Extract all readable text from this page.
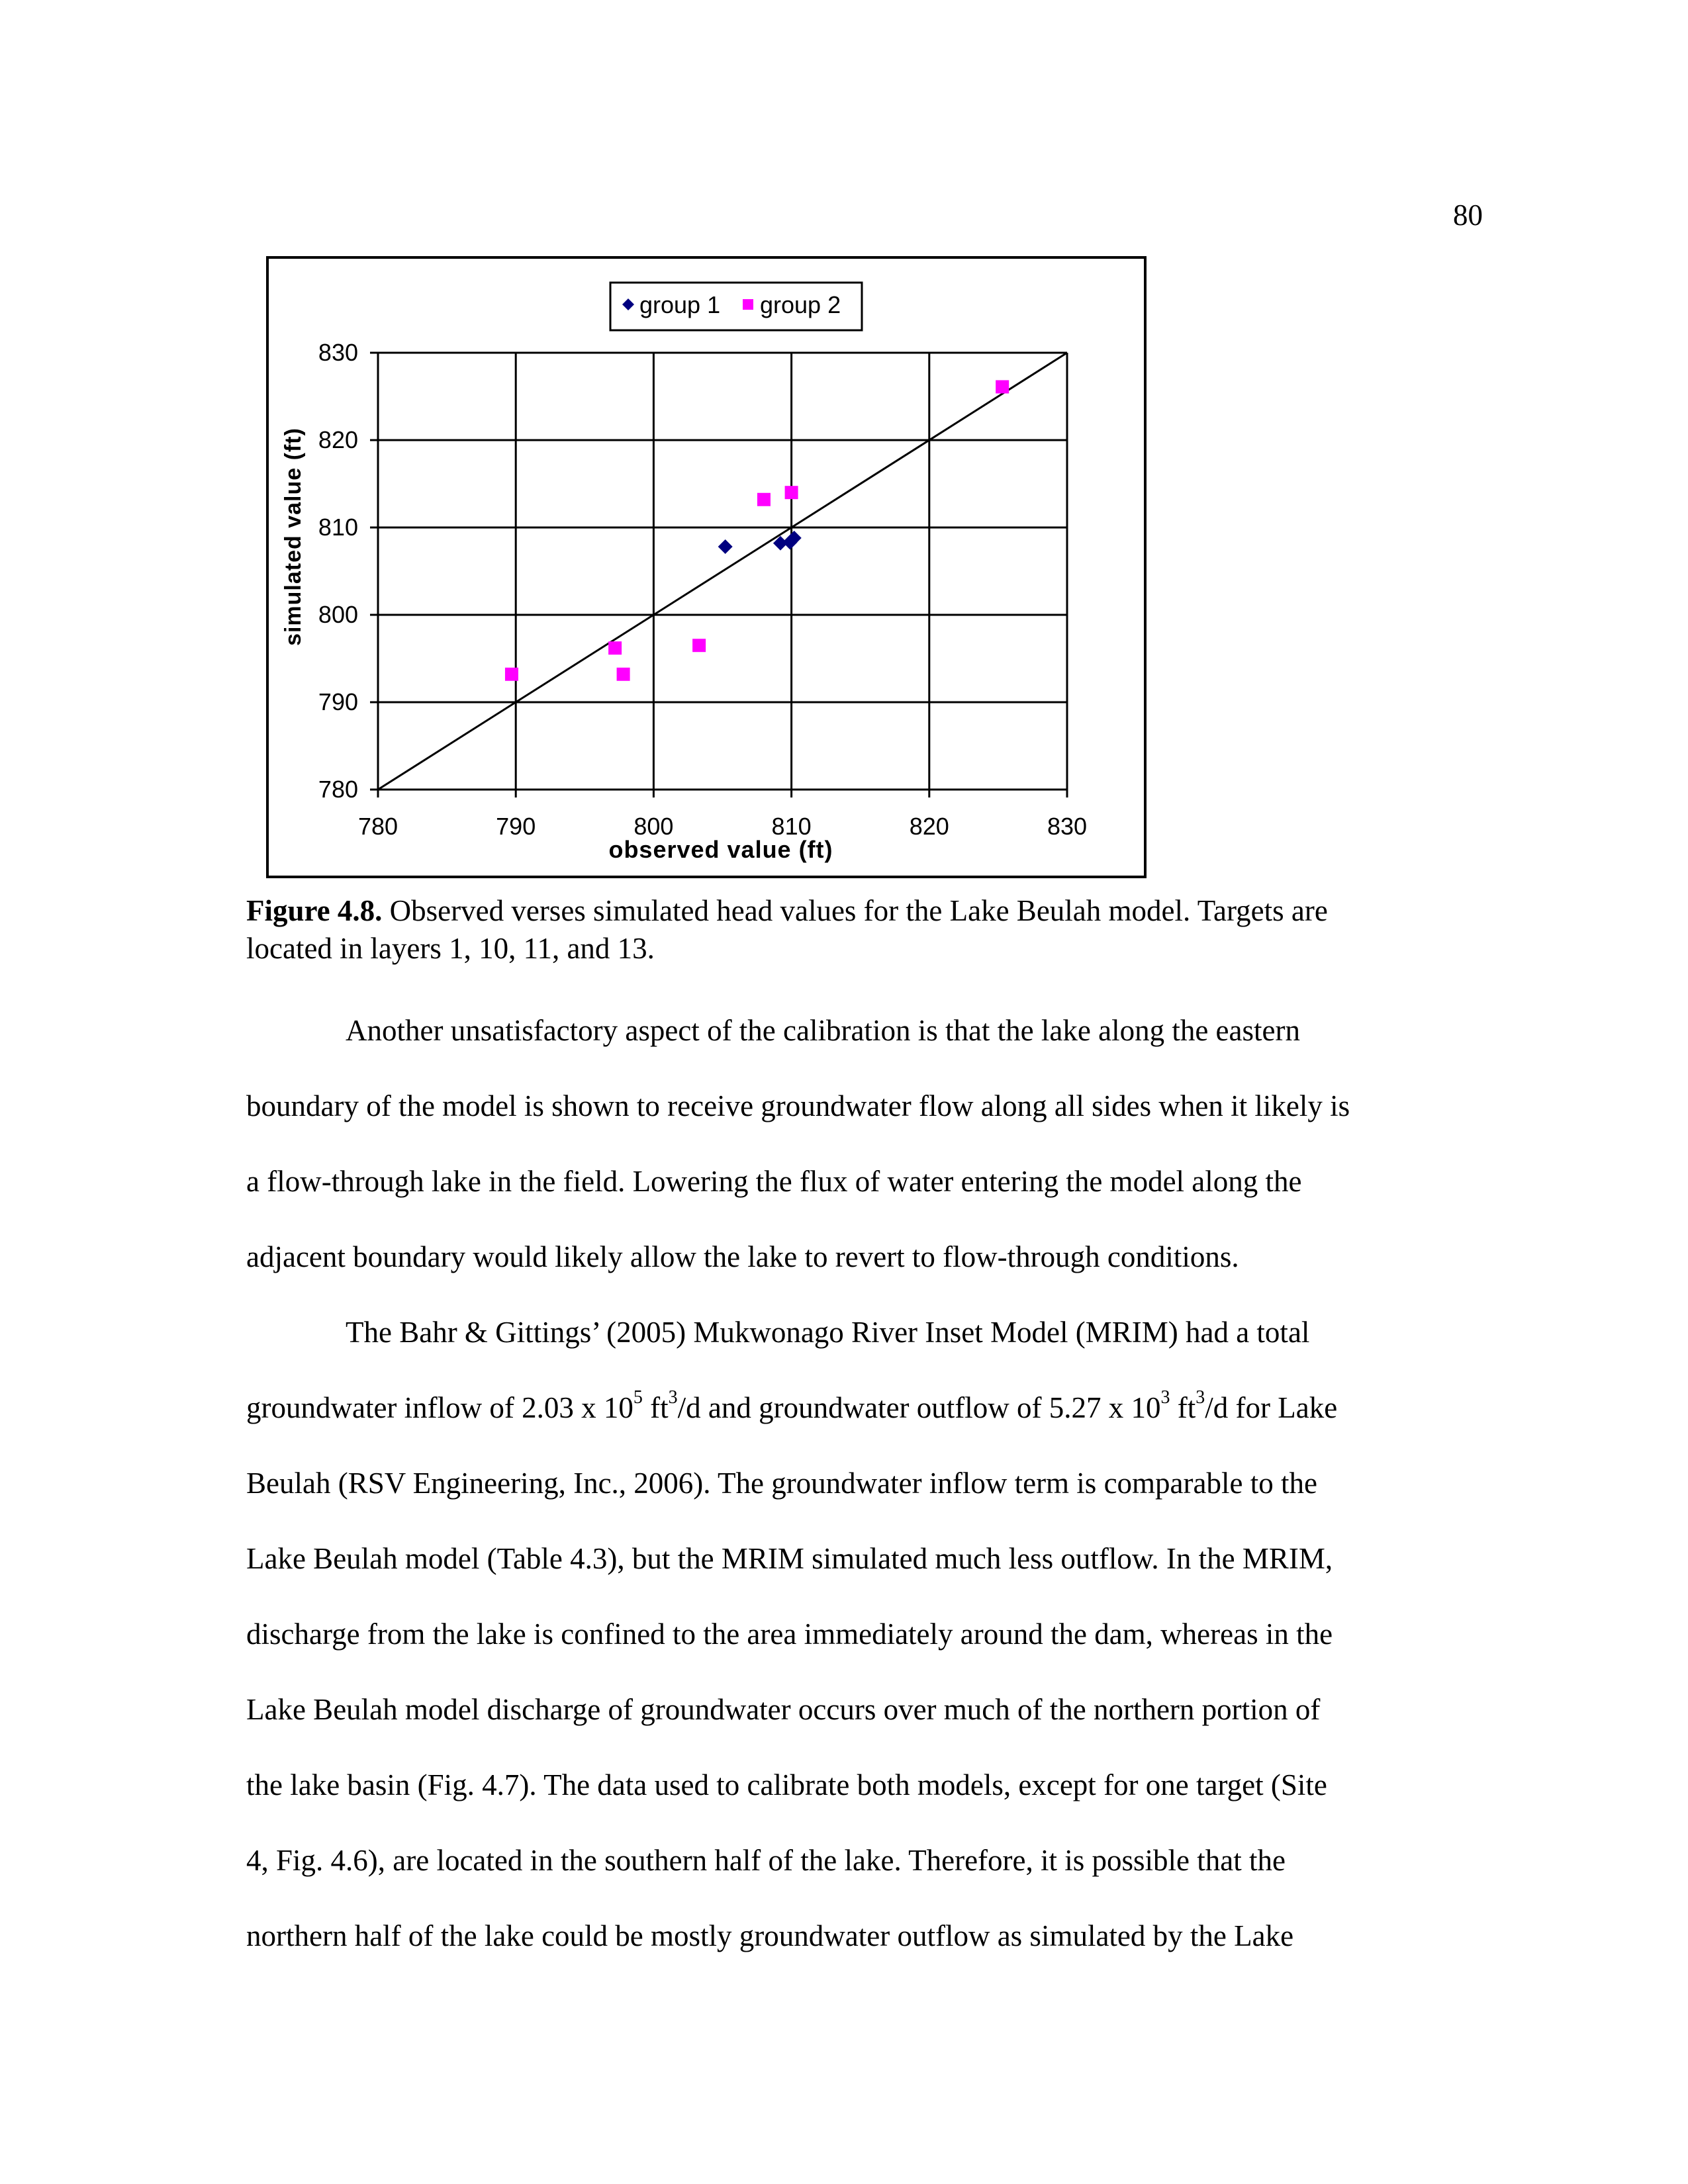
80
780
790
800
810
820
830
780	790	800	810	820	830
observed value (ft)
simulated value (ft)
group 1 group 2
Figure 4.8. Observed verses simulated head values for the Lake Beulah model. Targets are
located in layers 1, 10, 11, and 13.
Another unsatisfactory aspect of the calibration is that the lake along the eastern
boundary of the model is shown to receive groundwater flow along all sides when it likely is
a flow-through lake in the field. Lowering the flux of water entering the model along the
adjacent boundary would likely allow the lake to revert to flow-through conditions.
The Bahr & Gittings’ (2005) Mukwonago River Inset Model (MRIM) had a total
groundwater inflow of 2.03 x $10^5$ $ft^3/d$ and groundwater outflow of 5.27 x $10^3$ $ft^3/d$ for Lake
Beulah (RSV Engineering, Inc., 2006). The groundwater inflow term is comparable to the
Lake Beulah model (Table 4.3), but the MRIM simulated much less outflow. In the MRIM,
discharge from the lake is confined to the area immediately around the dam, whereas in the
Lake Beulah model discharge of groundwater occurs over much of the northern portion of
the lake basin (Fig. 4.7). The data used to calibrate both models, except for one target (Site
4, Fig. 4.6), are located in the southern half of the lake. Therefore, it is possible that the
northern half of the lake could be mostly groundwater outflow as simulated by the Lake
